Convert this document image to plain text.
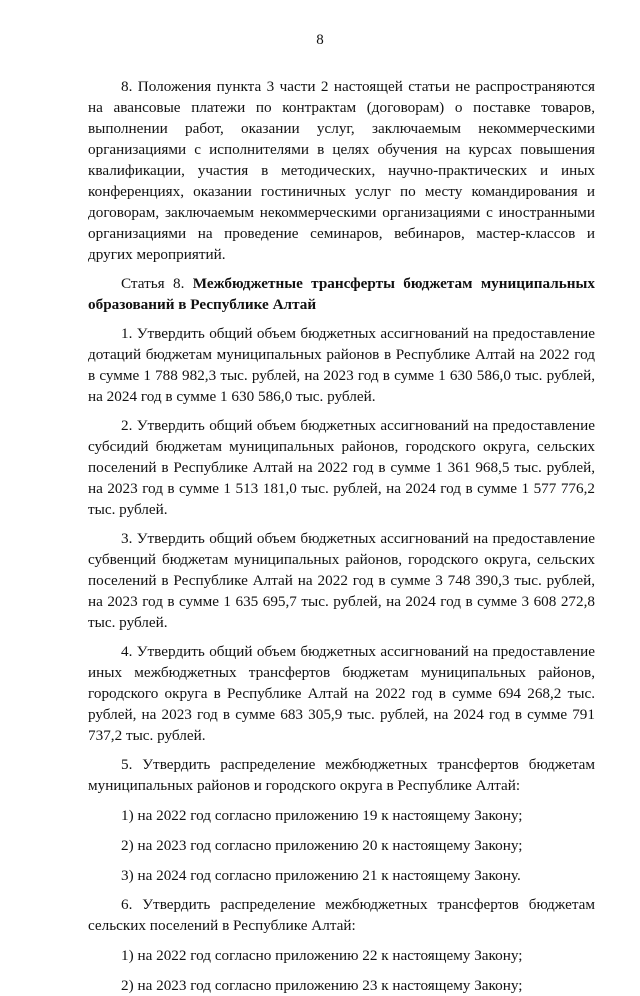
8

8. Положения пункта 3 части 2 настоящей статьи не распространяются на авансовые платежи по контрактам (договорам) о поставке товаров, выполнении работ, оказании услуг, заключаемым некоммерческими организациями с исполнителями в целях обучения на курсах повышения квалификации, участия в методических, научно-практических и иных конференциях, оказании гостиничных услуг по месту командирования и договорам, заключаемым некоммерческими организациями с иностранными организациями на проведение семинаров, вебинаров, мастер-классов и других мероприятий.

Статья 8. Межбюджетные трансферты бюджетам муниципальных образований в Республике Алтай

1. Утвердить общий объем бюджетных ассигнований на предоставление дотаций бюджетам муниципальных районов в Республике Алтай на 2022 год в сумме 1 788 982,3 тыс. рублей, на 2023 год в сумме 1 630 586,0 тыс. рублей, на 2024 год в сумме 1 630 586,0 тыс. рублей.

2. Утвердить общий объем бюджетных ассигнований на предоставление субсидий бюджетам муниципальных районов, городского округа, сельских поселений в Республике Алтай на 2022 год в сумме 1 361 968,5 тыс. рублей, на 2023 год в сумме 1 513 181,0 тыс. рублей, на 2024 год в сумме 1 577 776,2 тыс. рублей.

3. Утвердить общий объем бюджетных ассигнований на предоставление субвенций бюджетам муниципальных районов, городского округа, сельских поселений в Республике Алтай на 2022 год в сумме 3 748 390,3 тыс. рублей, на 2023 год в сумме 1 635 695,7 тыс. рублей, на 2024 год в сумме 3 608 272,8 тыс. рублей.

4. Утвердить общий объем бюджетных ассигнований на предоставление иных межбюджетных трансфертов бюджетам муниципальных районов, городского округа в Республике Алтай на 2022 год в сумме 694 268,2 тыс. рублей, на 2023 год в сумме 683 305,9 тыс. рублей, на 2024 год в сумме 791 737,2 тыс. рублей.

5. Утвердить распределение межбюджетных трансфертов бюджетам муниципальных районов и городского округа в Республике Алтай:

1) на 2022 год согласно приложению 19 к настоящему Закону;

2) на 2023 год согласно приложению 20 к настоящему Закону;

3) на 2024 год согласно приложению 21 к настоящему Закону.

6. Утвердить распределение межбюджетных трансфертов бюджетам сельских поселений в Республике Алтай:

1) на 2022 год согласно приложению 22 к настоящему Закону;

2) на 2023 год согласно приложению 23 к настоящему Закону;
